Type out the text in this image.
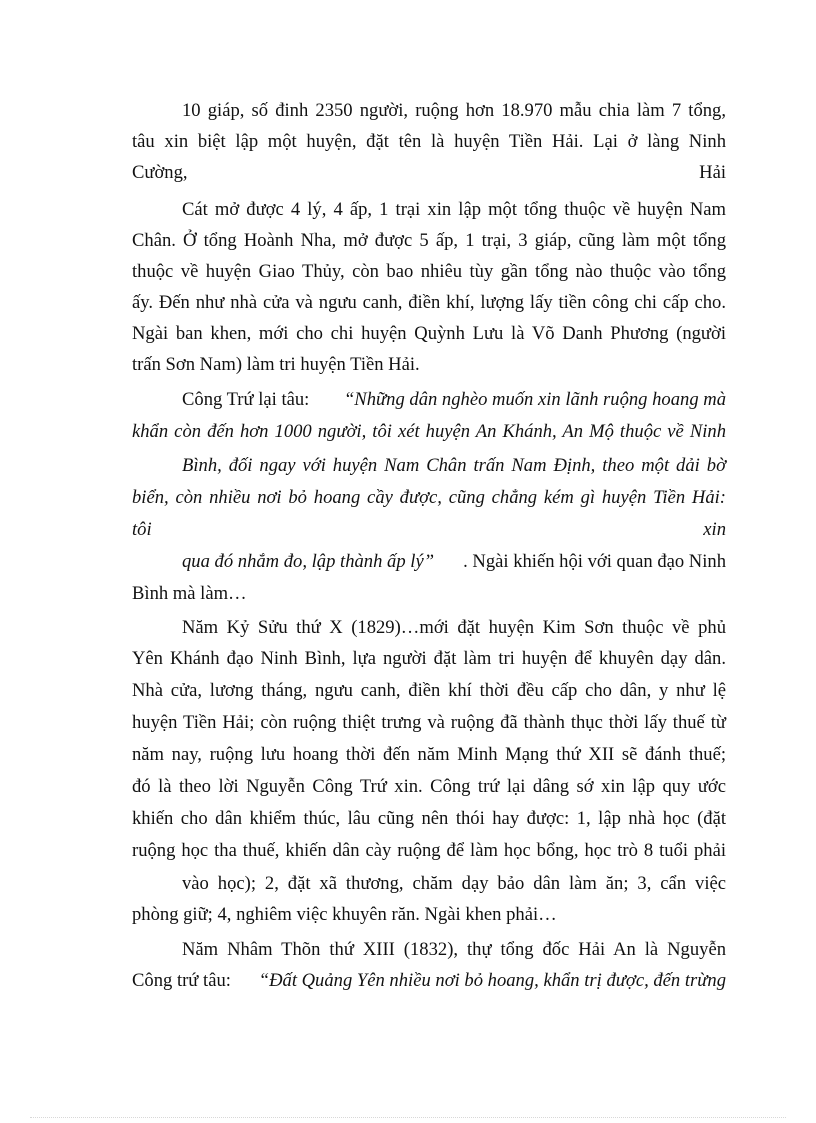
10 giáp, số đinh 2350 người, ruộng hơn 18.970 mẫu chia làm 7 tổng,
tâu xin biệt lập một huyện, đặt tên là huyện Tiền Hải. Lại ở làng Ninh
Cường,	Hải
Cát mở được 4 lý, 4 ấp, 1 trại xin lập một tổng thuộc về huyện Nam
Chân. Ở tổng Hoành Nha, mở được 5 ấp, 1 trại, 3 giáp, cũng làm một tổng
thuộc về huyện Giao Thủy, còn bao nhiêu tùy gần tổng nào thuộc vào tổng
ấy. Đến như nhà cửa và ngưu canh, điền khí, lượng lấy tiền công chi cấp cho.
Ngài ban khen, mới cho chi huyện Quỳnh Lưu là Võ Danh Phương (người
trấn Sơn Nam) làm tri huyện Tiền Hải.
Công Trứ lại tâu: “Những dân nghèo muốn xin lãnh ruộng hoang mà
khẩn còn đến hơn 1000 người, tôi xét huyện An Khánh, An Mộ thuộc về Ninh
Bình, đối ngay với huyện Nam Chân trấn Nam Định, theo một dải bờ
biển, còn nhiều nơi bỏ hoang cầy được, cũng chẳng kém gì huyện Tiền Hải:
tôi	xin
qua đó nhắm đo, lập thành ấp lý” . Ngài khiến hội với quan đạo Ninh
Bình mà làm…
Năm Kỷ Sửu thứ X (1829)…mới đặt huyện Kim Sơn thuộc về phủ
Yên Khánh đạo Ninh Bình, lựa người đặt làm tri huyện để khuyên dạy dân.
Nhà cửa, lương tháng, ngưu canh, điền khí thời đều cấp cho dân, y như lệ
huyện Tiền Hải; còn ruộng thiệt trưng và ruộng đã thành thục thời lấy thuế từ
năm nay, ruộng lưu hoang thời đến năm Minh Mạng thứ XII sẽ đánh thuế;
đó là theo lời Nguyễn Công Trứ xin. Công trứ lại dâng sớ xin lập quy ước
khiến cho dân khiểm thúc, lâu cũng nên thói hay được: 1, lập nhà học (đặt
ruộng học tha thuế, khiến dân cày ruộng để làm học bổng, học trò 8 tuổi phải
vào học); 2, đặt xã thương, chăm dạy bảo dân làm ăn; 3, cẩn việc
phòng giữ; 4, nghiêm việc khuyên răn. Ngài khen phải…
Năm Nhâm Thõn thứ XIII (1832), thự tổng đốc Hải An là Nguyễn
Công trứ tâu: “Đất Quảng Yên nhiều nơi bỏ hoang, khẩn trị được, đến trừng
